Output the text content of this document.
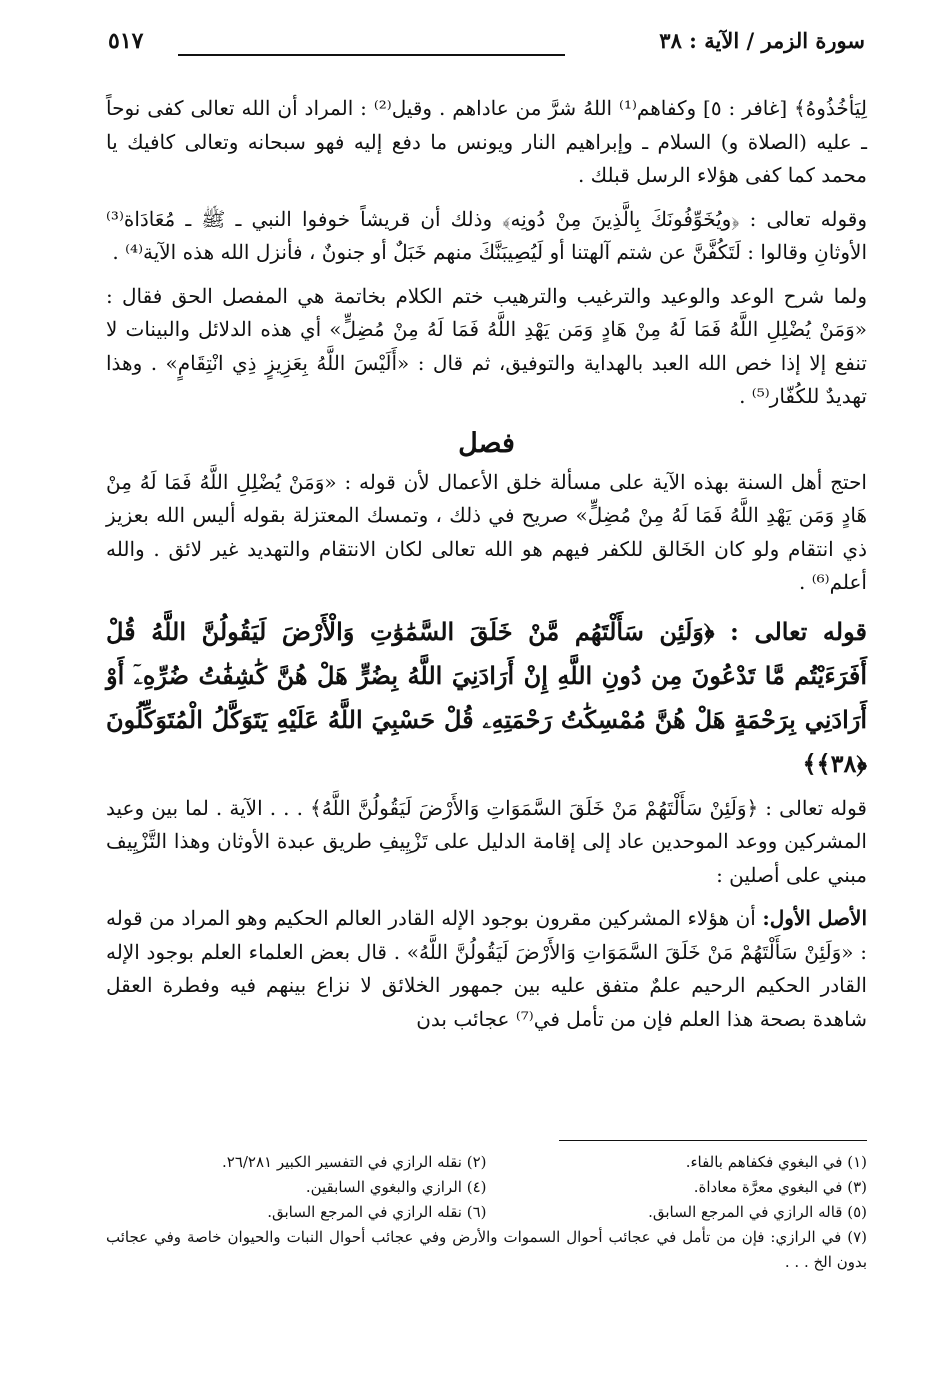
سورة الزمر / الآية : ٣٨
٥١٧

لِيَأخُذُوهُ﴾ [غافر : ٥] وكفاهم⁽¹⁾ اللهُ شرَّ من عاداهم . وقيل⁽²⁾ : المراد أن الله تعالى كفى نوحاً ـ عليه (الصلاة و) السلام ـ وإبراهيم النار ويونس ما دفع إليه فهو سبحانه وتعالى كافيك يا محمد كما كفى هؤلاء الرسل قبلك .

وقوله تعالى : ﴿ويُخَوِّفُونَكَ بِالَّذِينَ مِنْ دُونِه﴾ وذلك أن قريشاً خوفوا النبي ـ ﷺ ـ مُعَادَاة⁽³⁾ الأوثانِ وقالوا : لَتَكُفَّنَّ عن شتم آلهتنا أو لَيُصِيبَنَّكَ منهم خَبَلٌ أو جنونٌ ، فأنزل الله هذه الآية⁽⁴⁾ .

ولما شرح الوعد والوعيد والترغيب والترهيب ختم الكلام بخاتمة هي المفصل الحق فقال : «وَمَنْ يُضْلِلِ اللَّهُ فَمَا لَهُ مِنْ هَادٍ وَمَن يَهْدِ اللَّهُ فَمَا لَهُ مِنْ مُضِلٍّ» أي هذه الدلائل والبينات لا تنفع إلا إذا خص الله العبد بالهداية والتوفيق، ثم قال : «أَلَيْسَ اللَّهُ بِعَزِيزٍ ذِي انْتِقَامٍ» . وهذا تهديدٌ للكُفّار⁽⁵⁾ .

فصل

احتج أهل السنة بهذه الآية على مسألة خلق الأعمال لأن قوله : «وَمَنْ يُضْلِلِ اللَّهُ فَمَا لَهُ مِنْ هَادٍ وَمَن يَهْدِ اللَّهُ فَمَا لَهُ مِنْ مُضِلٍّ» صريح في ذلك ، وتمسك المعتزلة بقوله أليس الله بعزيز ذي انتقام ولو كان الخَالق للكفر فيهم هو الله تعالى لكان الانتقام والتهديد غير لائق . والله أعلم⁽⁶⁾ .

قوله تعالى : ﴿وَلَئِن سَأَلْتَهُم مَّنْ خَلَقَ السَّمَٰوَٰتِ وَالْأَرْضَ لَيَقُولُنَّ اللَّهُ قُلْ أَفَرَءَيْتُم مَّا تَدْعُونَ مِن دُونِ اللَّهِ إِنْ أَرَادَنِيَ اللَّهُ بِضُرٍّ هَلْ هُنَّ كَٰشِفَٰتُ ضُرِّهِۦٓ أَوْ أَرَادَنِي بِرَحْمَةٍ هَلْ هُنَّ مُمْسِكَٰتُ رَحْمَتِهِۦ قُلْ حَسْبِيَ اللَّهُ عَلَيْهِ يَتَوَكَّلُ الْمُتَوَكِّلُونَ ﴿٣٨﴾﴾

قوله تعالى : ﴿وَلَئِنْ سَأَلْتَهُمْ مَنْ خَلَقَ السَّمَوَاتِ وَالأَرْضَ لَيَقُولُنَّ اللَّهُ﴾ . . . الآية . لما بين وعيد المشركين ووعد الموحدين عاد إلى إقامة الدليل على تَزْيِيفِ طريق عبدة الأوثان وهذا التَّزْيِيف مبني على أصلين :

الأصل الأول: أن هؤلاء المشركين مقرون بوجود الإله القادر العالم الحكيم وهو المراد من قوله : «وَلَئِنْ سَأَلْتَهُمْ مَنْ خَلَقَ السَّمَوَاتِ وَالأَرْضَ لَيَقُولُنَّ اللَّهُ» . قال بعض العلماء العلم بوجود الإله القادر الحكيم الرحيم علمٌ متفق عليه بين جمهور الخلائق لا نزاع بينهم فيه وفطرة العقل شاهدة بصحة هذا العلم فإن من تأمل في⁽⁷⁾ عجائب بدن

(١) في البغوي فكفاهم بالفاء.
(٢) نقله الرازي في التفسير الكبير ٢٦/٢٨١.
(٣) في البغوي معرَّة معاداة.
(٤) الرازي والبغوي السابقين.
(٥) قاله الرازي في المرجع السابق.
(٦) نقله الرازي في المرجع السابق.
(٧) في الرازي: فإن من تأمل في عجائب أحوال السموات والأرض وفي عجائب أحوال النبات والحيوان خاصة وفي عجائب بدون الخ . . .
